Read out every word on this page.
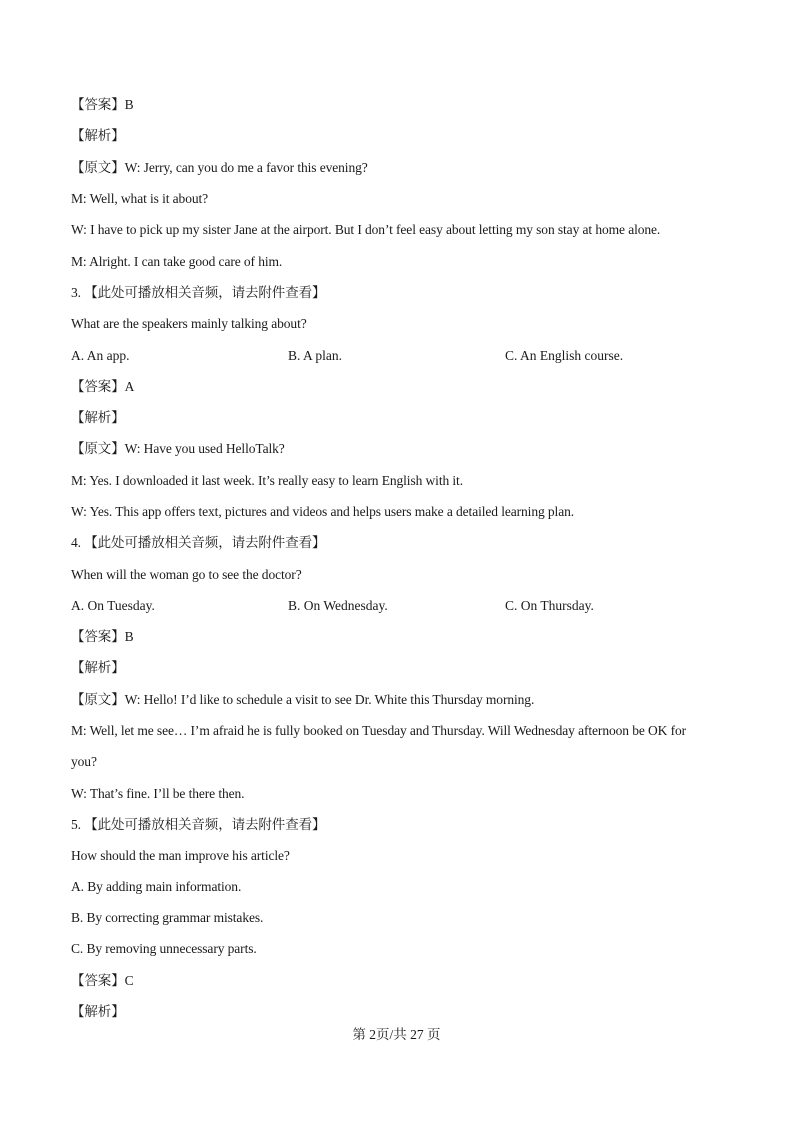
【答案】B
【解析】
【原文】W: Jerry, can you do me a favor this evening?
M: Well, what is it about?
W: I have to pick up my sister Jane at the airport. But I don’t feel easy about letting my son stay at home alone.
M: Alright. I can take good care of him.
3. 【此处可播放相关音频，请去附件查看】
What are the speakers mainly talking about?
A. An app.	B. A plan.	C. An English course.
【答案】A
【解析】
【原文】W: Have you used HelloTalk?
M: Yes. I downloaded it last week. It’s really easy to learn English with it.
W: Yes. This app offers text, pictures and videos and helps users make a detailed learning plan.
4. 【此处可播放相关音频，请去附件查看】
When will the woman go to see the doctor?
A. On Tuesday.	B. On Wednesday.	C. On Thursday.
【答案】B
【解析】
【原文】W: Hello! I’d like to schedule a visit to see Dr. White this Thursday morning.
M: Well, let me see… I’m afraid he is fully booked on Tuesday and Thursday. Will Wednesday afternoon be OK for
you?
W: That’s fine. I’ll be there then.
5. 【此处可播放相关音频，请去附件查看】
How should the man improve his article?
A. By adding main information.
B. By correcting grammar mistakes.
C. By removing unnecessary parts.
【答案】C
【解析】
第 2页/共 27 页
